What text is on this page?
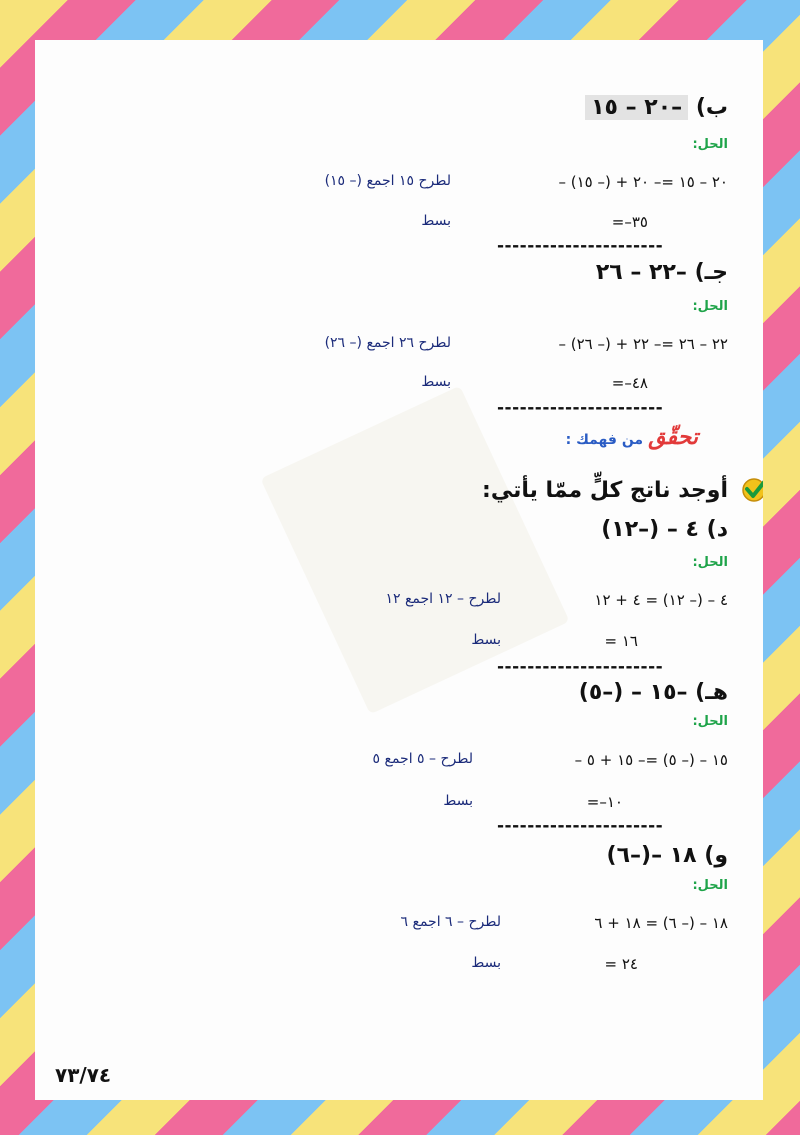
ب) –٢٠ – ١٥
الحل:
– ٢٠ – ١٥ =– ٢٠ + (– ١٥)
لطرح ١٥ اجمع (– ١٥)
=–٣٥
بسط
----------------------
جـ) –٢٢ – ٢٦
الحل:
– ٢٢ – ٢٦ =– ٢٢ + (– ٢٦)
لطرح ٢٦ اجمع (– ٢٦)
=–٤٨
بسط
----------------------
تحقّق من فهمك :
أوجد ناتج كلٍّ ممّا يأتي:
د) ٤ – (–١٢)
الحل:
٤ – (– ١٢) = ٤ + ١٢
لطرح – ١٢ اجمع ١٢
= ١٦
بسط
----------------------
هـ) –١٥ – (–٥)
الحل:
– ١٥ – (– ٥) =– ١٥ + ٥
لطرح – ٥ اجمع ٥
=–١٠
بسط
----------------------
و) ١٨ –(–٦)
الحل:
١٨ – (– ٦) = ١٨ + ٦
لطرح – ٦ اجمع ٦
= ٢٤
بسط
٧٣/٧٤
